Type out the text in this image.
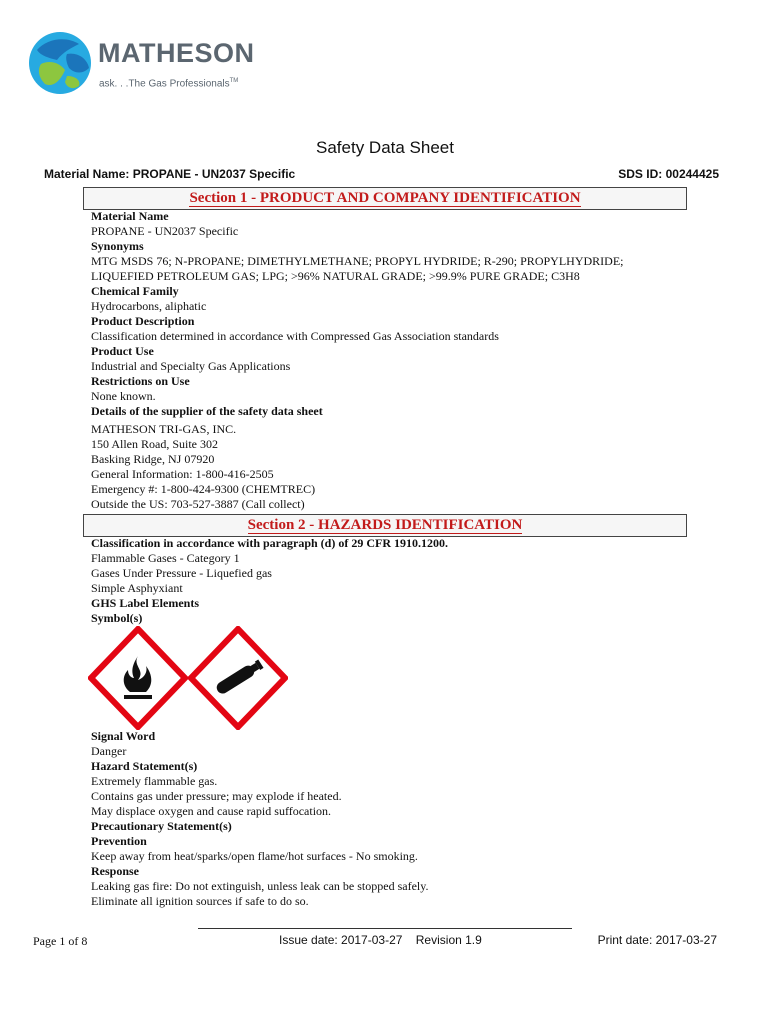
MATHESON
ask. . .The Gas Professionals™
Safety Data Sheet
Material Name: PROPANE - UN2037 Specific	SDS ID: 00244425
Section 1 - PRODUCT AND COMPANY IDENTIFICATION
Material Name
PROPANE - UN2037 Specific
Synonyms
MTG MSDS 76; N-PROPANE; DIMETHYLMETHANE; PROPYL HYDRIDE; R-290; PROPYLHYDRIDE;
LIQUEFIED PETROLEUM GAS; LPG; >96% NATURAL GRADE; >99.9% PURE GRADE; C3H8
Chemical Family
Hydrocarbons, aliphatic
Product Description
Classification determined in accordance with Compressed Gas Association standards
Product Use
Industrial and Specialty Gas Applications
Restrictions on Use
None known.
Details of the supplier of the safety data sheet
MATHESON TRI-GAS, INC.
150 Allen Road, Suite 302
Basking Ridge, NJ 07920
General Information: 1-800-416-2505
Emergency #: 1-800-424-9300 (CHEMTREC)
Outside the US: 703-527-3887 (Call collect)
Section 2 - HAZARDS IDENTIFICATION
Classification in accordance with paragraph (d) of 29 CFR 1910.1200.
Flammable Gases - Category 1
Gases Under Pressure - Liquefied gas
Simple Asphyxiant
GHS Label Elements
Symbol(s)
Signal Word
Danger
Hazard Statement(s)
Extremely flammable gas.
Contains gas under pressure; may explode if heated.
May displace oxygen and cause rapid suffocation.
Precautionary Statement(s)
Prevention
Keep away from heat/sparks/open flame/hot surfaces - No smoking.
Response
Leaking gas fire: Do not extinguish, unless leak can be stopped safely.
Eliminate all ignition sources if safe to do so.
Page 1 of 8	Issue date: 2017-03-27 Revision 1.9	Print date: 2017-03-27
